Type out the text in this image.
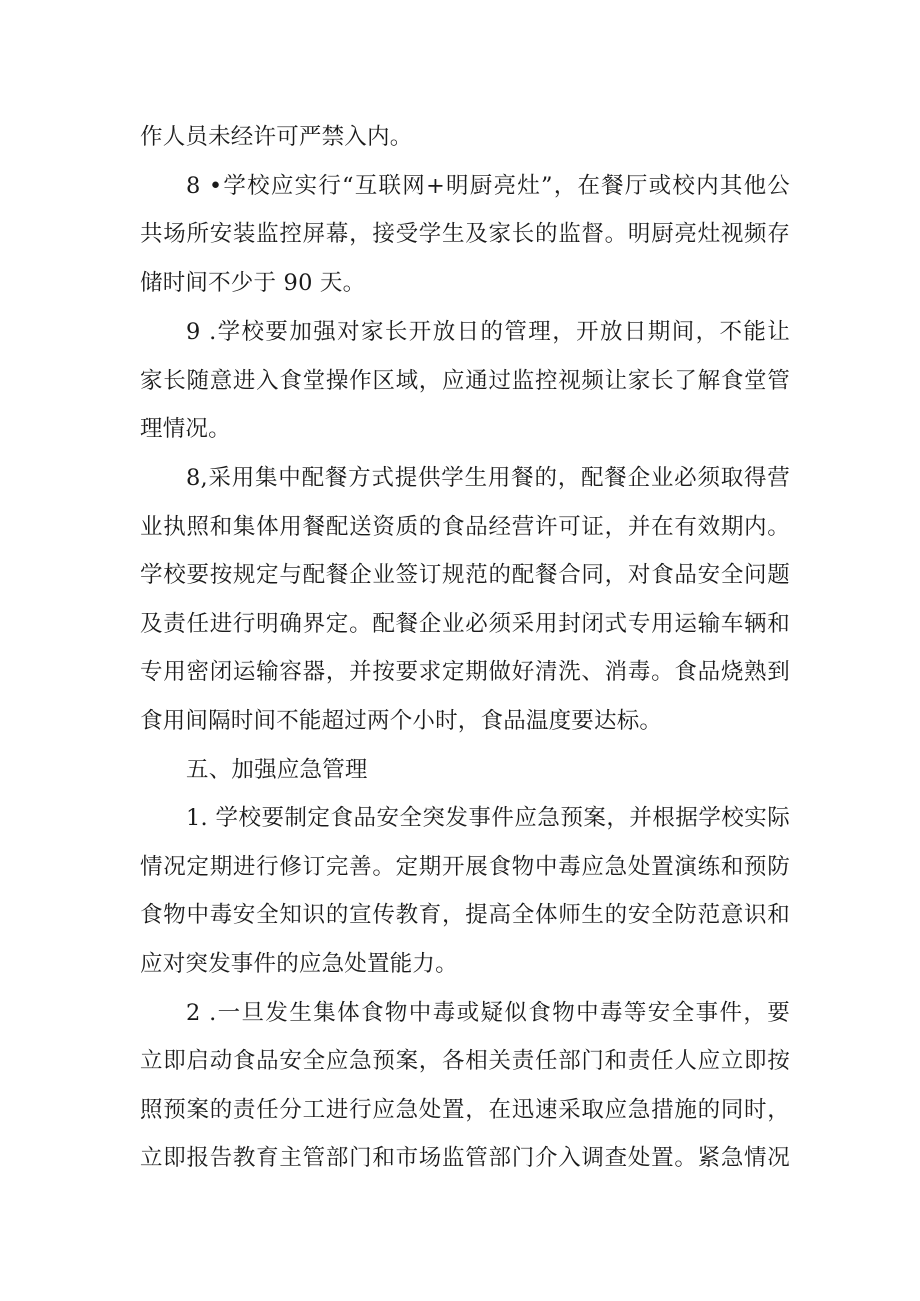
作人员未经许可严禁入内。
8 •学校应实行“互联网+明厨亮灶”，在餐厅或校内其他公
共场所安装监控屏幕，接受学生及家长的监督。明厨亮灶视频存
储时间不少于 90 天。
9 .学校要加强对家长开放日的管理，开放日期间，不能让
家长随意进入食堂操作区域，应通过监控视频让家长了解食堂管
理情况。
8,采用集中配餐方式提供学生用餐的，配餐企业必须取得营
业执照和集体用餐配送资质的食品经营许可证，并在有效期内。
学校要按规定与配餐企业签订规范的配餐合同，对食品安全问题
及责任进行明确界定。配餐企业必须采用封闭式专用运输车辆和
专用密闭运输容器，并按要求定期做好清洗、消毒。食品烧熟到
食用间隔时间不能超过两个小时，食品温度要达标。
五、加强应急管理
1. 学校要制定食品安全突发事件应急预案，并根据学校实际
情况定期进行修订完善。定期开展食物中毒应急处置演练和预防
食物中毒安全知识的宣传教育，提高全体师生的安全防范意识和
应对突发事件的应急处置能力。
2 .一旦发生集体食物中毒或疑似食物中毒等安全事件，要
立即启动食品安全应急预案，各相关责任部门和责任人应立即按
照预案的责任分工进行应急处置，在迅速采取应急措施的同时，
立即报告教育主管部门和市场监管部门介入调查处置。紧急情况
